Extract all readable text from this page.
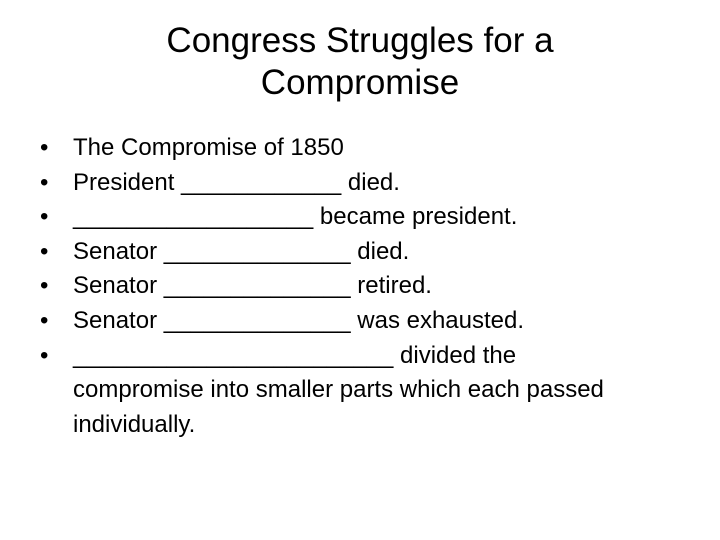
Congress Struggles for a
Compromise
• The Compromise of 1850
• President ____________ died.
• __________________ became president.
• Senator ______________ died.
• Senator ______________ retired.
• Senator ______________ was exhausted.
• ________________________ divided the compromise into smaller parts which each passed individually.
